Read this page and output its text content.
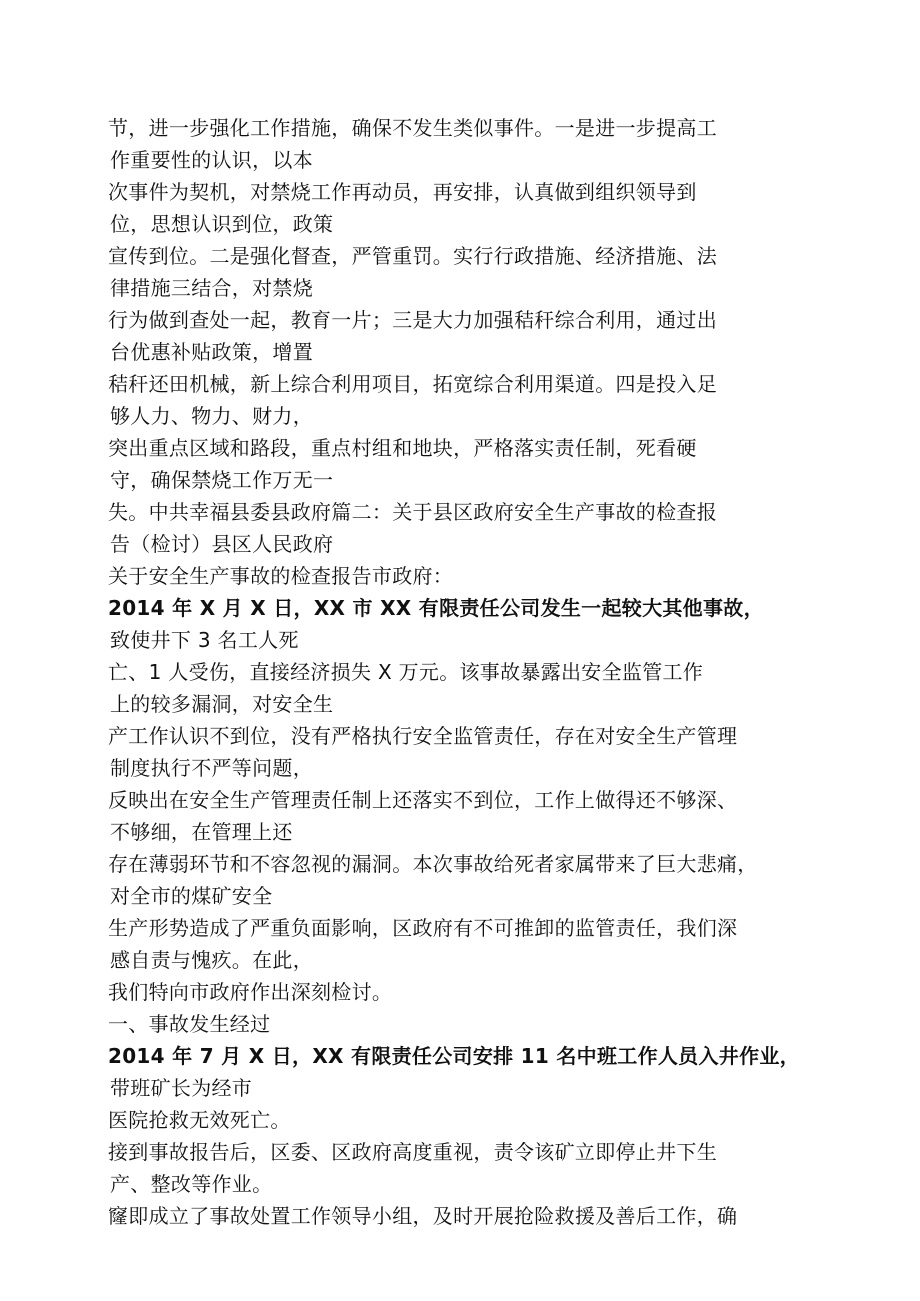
节，进一步强化工作措施，确保不发生类似事件。一是进一步提高工
作重要性的认识，以本
次事件为契机，对禁烧工作再动员，再安排，认真做到组织领导到
位，思想认识到位，政策
宣传到位。二是强化督查，严管重罚。实行行政措施、经济措施、法
律措施三结合，对禁烧
行为做到查处一起，教育一片；三是大力加强秸秆综合利用，通过出
台优惠补贴政策，增置
秸秆还田机械，新上综合利用项目，拓宽综合利用渠道。四是投入足
够人力、物力、财力，
突出重点区域和路段，重点村组和地块，严格落实责任制，死看硬
守，确保禁烧工作万无一
失。中共幸福县委县政府篇二：关于县区政府安全生产事故的检查报
告（检讨）县区人民政府
关于安全生产事故的检查报告市政府：
2014 年 X 月 X 日，XX 市 XX 有限责任公司发生一起较大其他事故，
致使井下 3 名工人死
亡、1 人受伤，直接经济损失 X 万元。该事故暴露出安全监管工作
上的较多漏洞，对安全生
产工作认识不到位，没有严格执行安全监管责任，存在对安全生产管理
制度执行不严等问题，
反映出在安全生产管理责任制上还落实不到位，工作上做得还不够深、
不够细，在管理上还
存在薄弱环节和不容忽视的漏洞。本次事故给死者家属带来了巨大悲痛，
对全市的煤矿安全
生产形势造成了严重负面影响，区政府有不可推卸的监管责任，我们深
感自责与愧疚。在此，
我们特向市政府作出深刻检讨。
一、事故发生经过
2014 年 7 月 X 日，XX 有限责任公司安排 11 名中班工作人员入井作业，
带班矿长为经市
医院抢救无效死亡。
接到事故报告后，区委、区政府高度重视，责令该矿立即停止井下生
产、整改等作业。
窿即成立了事故处置工作领导小组，及时开展抢险救援及善后工作，确
